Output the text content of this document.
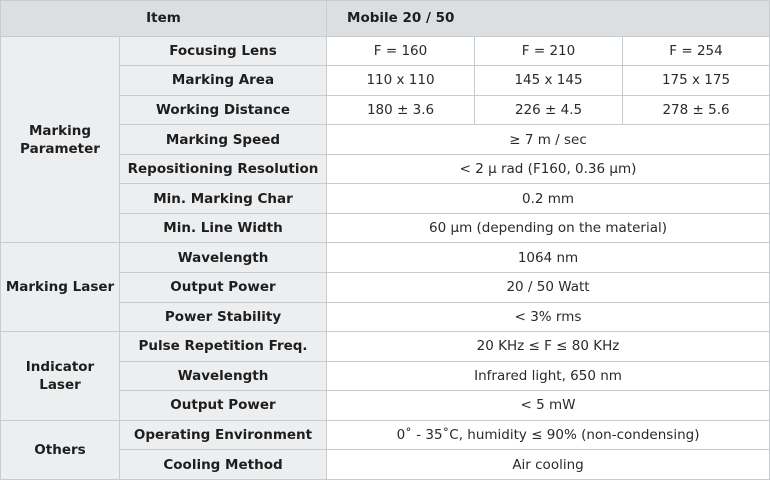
Item		Mobile 20 / 50		
Marking Parameter	Focusing Lens	F = 160	F = 210	F = 254
	Marking Area	110 x 110	145 x 145	175 x 175
	Working Distance	180 ± 3.6	226 ± 4.5	278 ± 5.6
	Marking Speed	≥ 7 m / sec		
	Repositioning Resolution	< 2 μ rad (F160, 0.36 μm)		
	Min. Marking Char	0.2 mm		
	Min. Line Width	60 μm (depending on the material)		
Marking Laser	Wavelength	1064 nm		
	Output Power	20 / 50 Watt		
	Power Stability	< 3% rms		
Indicator Laser	Pulse Repetition Freq.	20 KHz ≤ F ≤ 80 KHz		
	Wavelength	Infrared light, 650 nm		
	Output Power	< 5 mW		
Others	Operating Environment	0˚ - 35˚C, humidity ≤ 90% (non-condensing)		
	Cooling Method	Air cooling		
